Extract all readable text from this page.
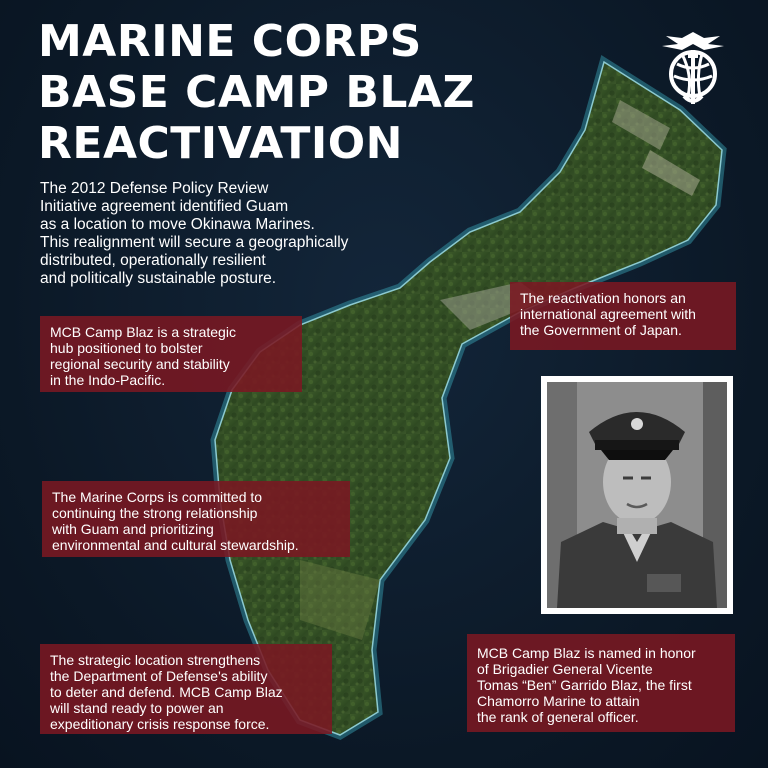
MARINE CORPS
BASE CAMP BLAZ
REACTIVATION

The 2012 Defense Policy Review
Initiative agreement identified Guam
as a location to move Okinawa Marines.
This realignment will secure a geographically
distributed, operationally resilient
and politically sustainable posture.

The reactivation honors an
international agreement with
the Government of Japan.
MCB Camp Blaz is a strategic
hub positioned to bolster
regional security and stability
in the Indo-Pacific.
The Marine Corps is committed to
continuing the strong relationship
with Guam and prioritizing
environmental and cultural stewardship.
The strategic location strengthens
the Department of Defense's ability
to deter and defend. MCB Camp Blaz
will stand ready to power an
expeditionary crisis response force.
MCB Camp Blaz is named in honor
of Brigadier General Vicente
Tomas “Ben” Garrido Blaz, the first
Chamorro Marine to attain
the rank of general officer.
